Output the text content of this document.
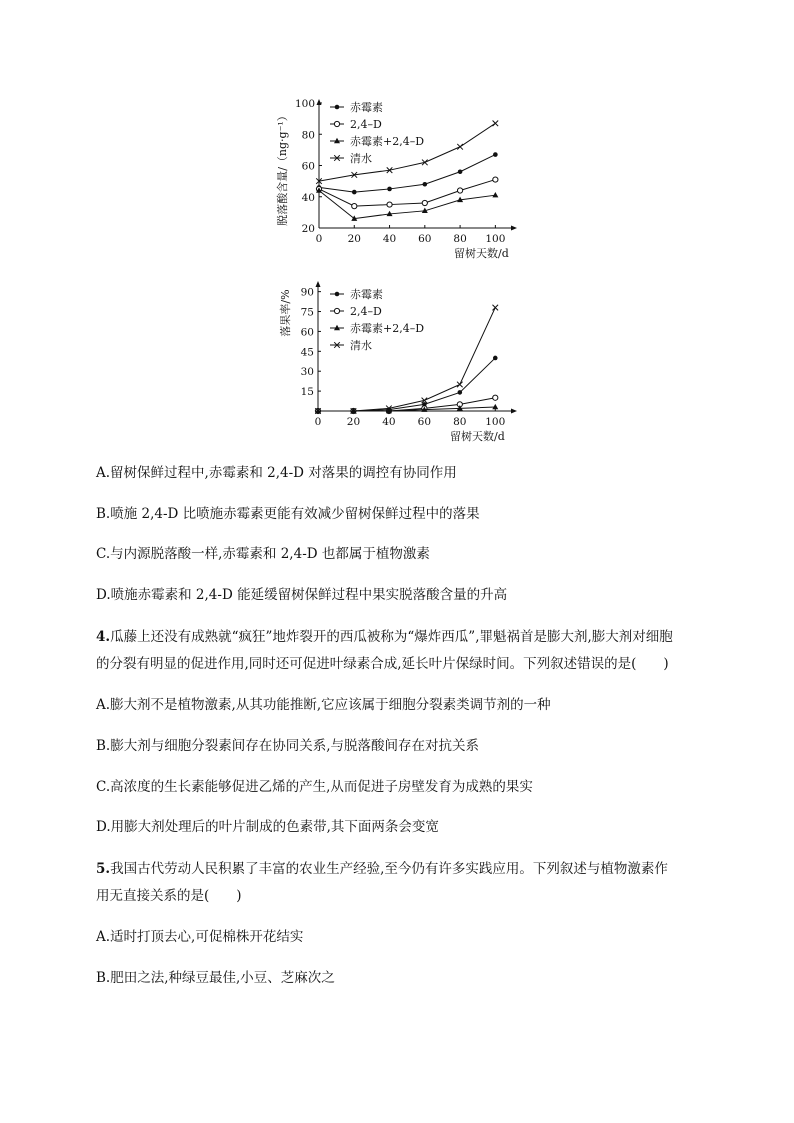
0 20 40 60 80 100
20
40
60
80
100
脱落酸含量/（ng·g⁻¹）
留树天数/d
赤霉素
2,4–D
赤霉素+2,4–D
清水
0 20 40 60 80 100
15
30
45
60
75
90
落果率/%
留树天数/d
赤霉素
2,4–D
赤霉素+2,4–D
清水
A.留树保鲜过程中,赤霉素和 2,4-D 对落果的调控有协同作用
B.喷施 2,4-D 比喷施赤霉素更能有效减少留树保鲜过程中的落果
C.与内源脱落酸一样,赤霉素和 2,4-D 也都属于植物激素
D.喷施赤霉素和 2,4-D 能延缓留树保鲜过程中果实脱落酸含量的升高
4.瓜藤上还没有成熟就“疯狂”地炸裂开的西瓜被称为“爆炸西瓜”,罪魁祸首是膨大剂,膨大剂对细胞
的分裂有明显的促进作用,同时还可促进叶绿素合成,延长叶片保绿时间。下列叙述错误的是(　　)
A.膨大剂不是植物激素,从其功能推断,它应该属于细胞分裂素类调节剂的一种
B.膨大剂与细胞分裂素间存在协同关系,与脱落酸间存在对抗关系
C.高浓度的生长素能够促进乙烯的产生,从而促进子房壁发育为成熟的果实
D.用膨大剂处理后的叶片制成的色素带,其下面两条会变宽
5.我国古代劳动人民积累了丰富的农业生产经验,至今仍有许多实践应用。下列叙述与植物激素作
用无直接关系的是(　　)
A.适时打顶去心,可促棉株开花结实
B.肥田之法,种绿豆最佳,小豆、芝麻次之
